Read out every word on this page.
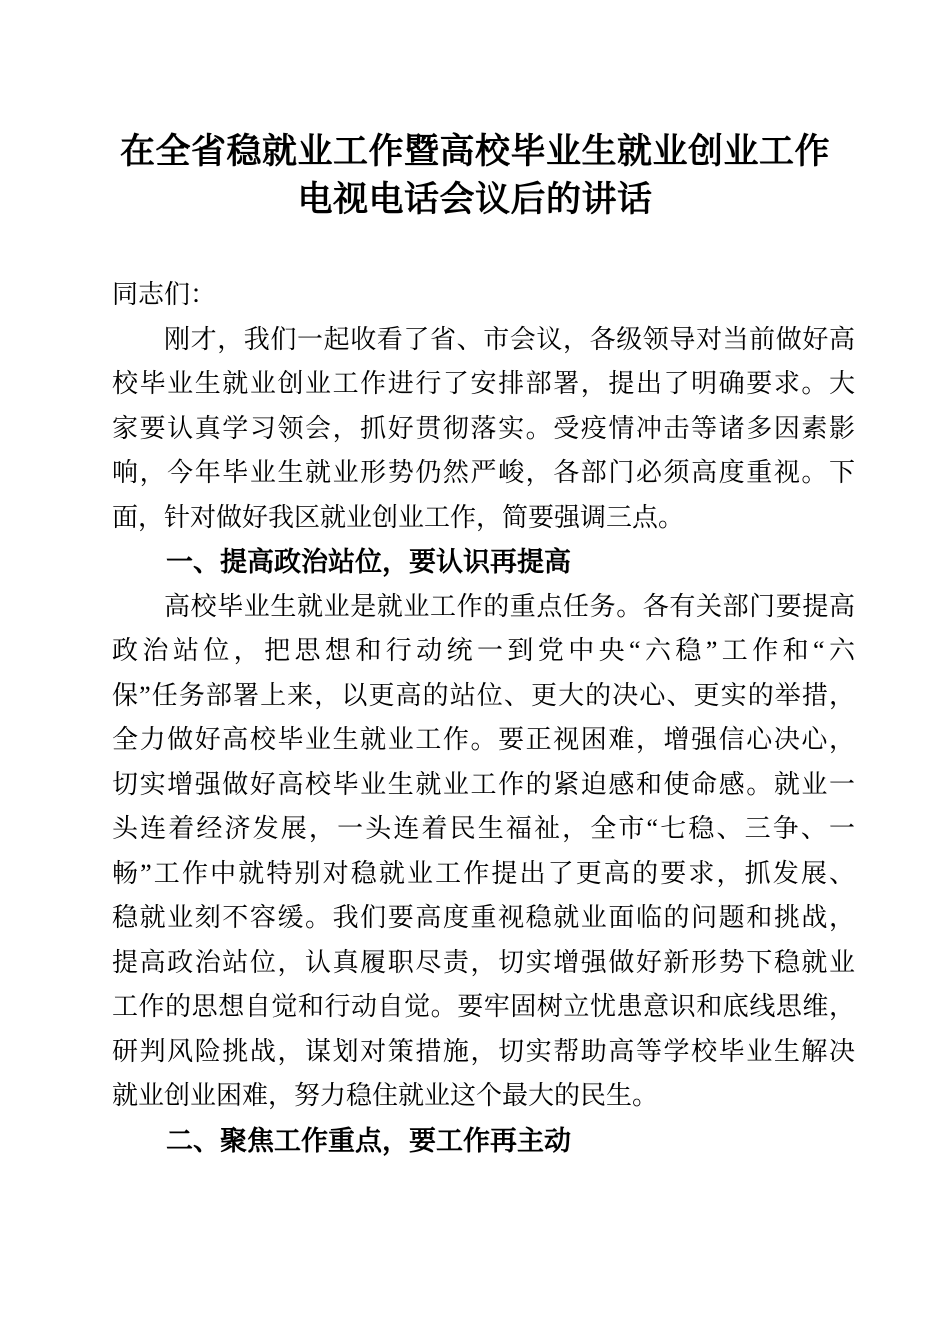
在全省稳就业工作暨高校毕业生就业创业工作
电视电话会议后的讲话
同志们：
刚才，我们一起收看了省、市会议，各级领导对当前做好高
校毕业生就业创业工作进行了安排部署，提出了明确要求。大
家要认真学习领会，抓好贯彻落实。受疫情冲击等诸多因素影
响，今年毕业生就业形势仍然严峻，各部门必须高度重视。下
面，针对做好我区就业创业工作，简要强调三点。
一、提高政治站位，要认识再提高
高校毕业生就业是就业工作的重点任务。各有关部门要提高
政治站位，把思想和行动统一到党中央“六稳”工作和“六
保”任务部署上来，以更高的站位、更大的决心、更实的举措，
全力做好高校毕业生就业工作。要正视困难，增强信心决心，
切实增强做好高校毕业生就业工作的紧迫感和使命感。就业一
头连着经济发展，一头连着民生福祉，全市“七稳、三争、一
畅”工作中就特别对稳就业工作提出了更高的要求，抓发展、
稳就业刻不容缓。我们要高度重视稳就业面临的问题和挑战，
提高政治站位，认真履职尽责，切实增强做好新形势下稳就业
工作的思想自觉和行动自觉。要牢固树立忧患意识和底线思维，
研判风险挑战，谋划对策措施，切实帮助高等学校毕业生解决
就业创业困难，努力稳住就业这个最大的民生。
二、聚焦工作重点，要工作再主动
